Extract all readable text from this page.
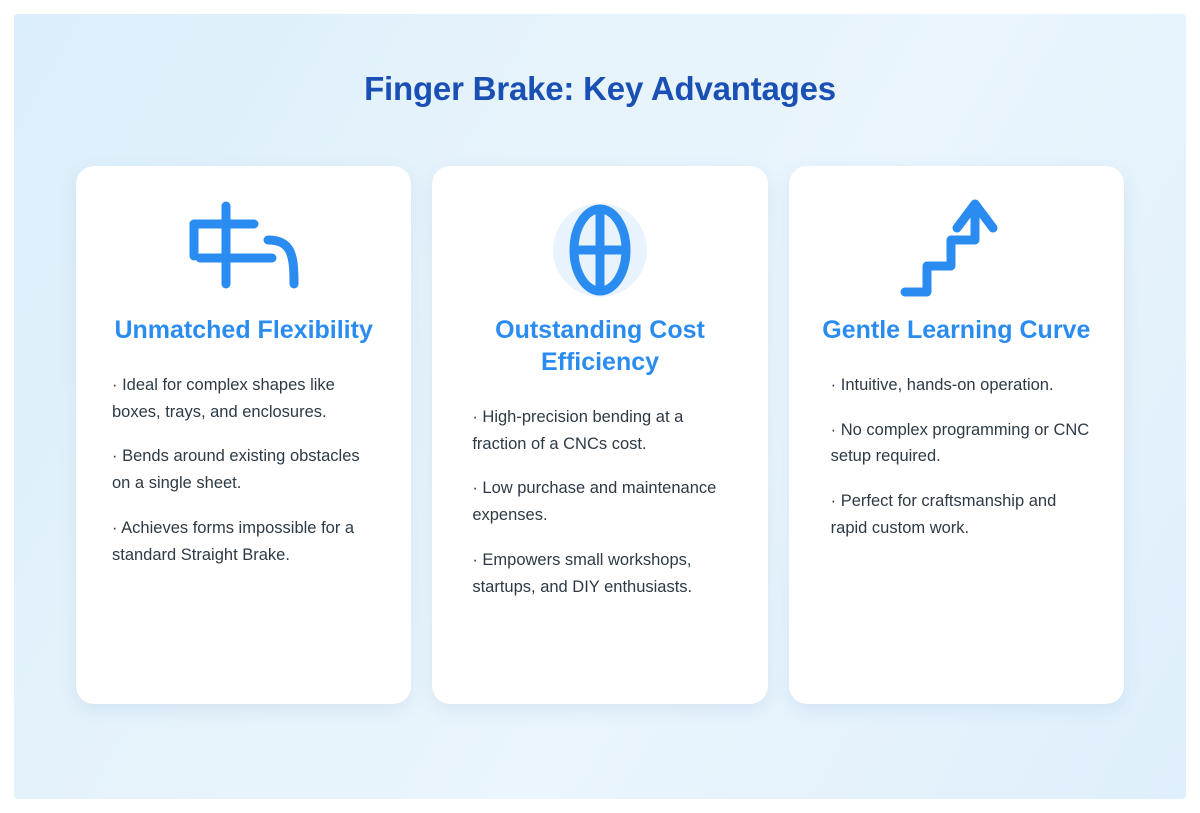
Finger Brake: Key Advantages
Unmatched Flexibility
· Ideal for complex shapes like boxes, trays, and enclosures.
· Bends around existing obstacles on a single sheet.
· Achieves forms impossible for a standard Straight Brake.
Outstanding Cost Efficiency
· High-precision bending at a fraction of a CNCs cost.
· Low purchase and maintenance expenses.
· Empowers small workshops, startups, and DIY enthusiasts.
Gentle Learning Curve
· Intuitive, hands-on operation.
· No complex programming or CNC setup required.
· Perfect for craftsmanship and rapid custom work.
